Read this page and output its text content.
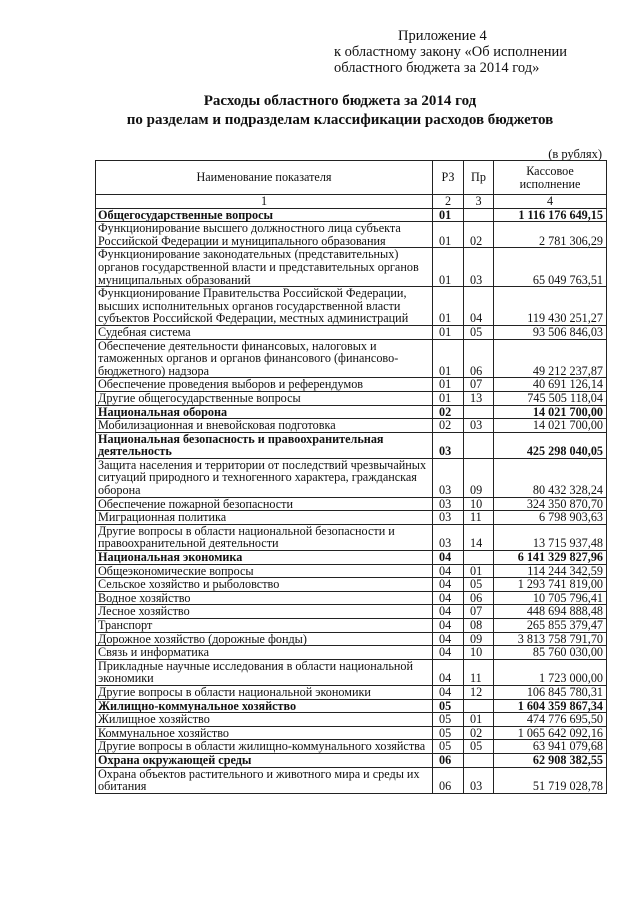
Приложение 4
к областному закону «Об исполнении
областного бюджета за 2014 год»
Расходы областного бюджета за 2014 год
по разделам и подразделам классификации расходов бюджетов
(в рублях)
Наименование показателя	РЗ	Пр	Кассовое
исполнение

1	2	3	4
Общегосударственные вопросы	01		1 116 176 649,15
Функционирование высшего должностного лица субъекта Российской Федерации и муниципального образования	01	02	2 781 306,29
Функционирование законодательных (представительных) органов государственной власти и представительных органов муниципальных образований	01	03	65 049 763,51
Функционирование Правительства Российской Федерации, высших исполнительных органов государственной власти субъектов Российской Федерации, местных администраций	01	04	119 430 251,27
Судебная система	01	05	93 506 846,03
Обеспечение деятельности финансовых, налоговых и таможенных органов и органов финансового (финансово-бюджетного) надзора	01	06	49 212 237,87
Обеспечение проведения выборов и референдумов	01	07	40 691 126,14
Другие общегосударственные вопросы	01	13	745 505 118,04
Национальная оборона	02		14 021 700,00
Мобилизационная и вневойсковая подготовка	02	03	14 021 700,00
Национальная безопасность и правоохранительная деятельность	03		425 298 040,05
Защита населения и территории от последствий чрезвычайных ситуаций природного и техногенного характера, гражданская оборона	03	09	80 432 328,24
Обеспечение пожарной безопасности	03	10	324 350 870,70
Миграционная политика	03	11	6 798 903,63
Другие вопросы в области национальной безопасности и правоохранительной деятельности	03	14	13 715 937,48
Национальная экономика	04		6 141 329 827,96
Общеэкономические вопросы	04	01	114 244 342,59
Сельское хозяйство и рыболовство	04	05	1 293 741 819,00
Водное хозяйство	04	06	10 705 796,41
Лесное хозяйство	04	07	448 694 888,48
Транспорт	04	08	265 855 379,47
Дорожное хозяйство (дорожные фонды)	04	09	3 813 758 791,70
Связь и информатика	04	10	85 760 030,00
Прикладные научные исследования в области национальной экономики	04	11	1 723 000,00
Другие вопросы в области национальной экономики	04	12	106 845 780,31
Жилищно-коммунальное хозяйство	05		1 604 359 867,34
Жилищное хозяйство	05	01	474 776 695,50
Коммунальное хозяйство	05	02	1 065 642 092,16
Другие вопросы в области жилищно-коммунального хозяйства	05	05	63 941 079,68
Охрана окружающей среды	06		62 908 382,55
Охрана объектов растительного и животного мира и среды их обитания	06	03	51 719 028,78
